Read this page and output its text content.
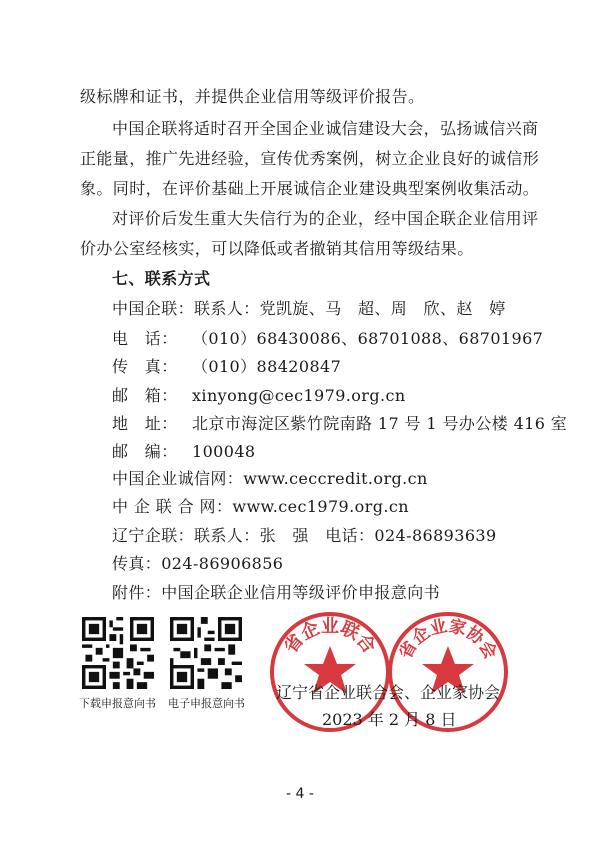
级标牌和证书，并提供企业信用等级评价报告。
中国企联将适时召开全国企业诚信建设大会，弘扬诚信兴商
正能量，推广先进经验，宣传优秀案例，树立企业良好的诚信形
象。同时，在评价基础上开展诚信企业建设典型案例收集活动。
对评价后发生重大失信行为的企业，经中国企联企业信用评
价办公室经核实，可以降低或者撤销其信用等级结果。
七、联系方式
中国企联：联系人：党凯旋、马　超、周　欣、赵　婷
电　话： （010）68430086、68701088、68701967
传　真： （010）88420847
邮　箱： xinyong@cec1979.org.cn
地　址： 北京市海淀区紫竹院南路 17 号 1 号办公楼 416 室
邮　编： 100048
中国企业诚信网：www.ceccredit.org.cn
中 企 联 合 网：www.cec1979.org.cn
辽宁企联：联系人：张　强　电话：024-86893639
传真：024-86906856
附件：中国企联企业信用等级评价申报意向书
下载申报意向书 电子申报意向书
省企业联合 省企业家协会
辽宁省企业联合会、企业家协会
2023 年 2 月 8 日
- 4 -
